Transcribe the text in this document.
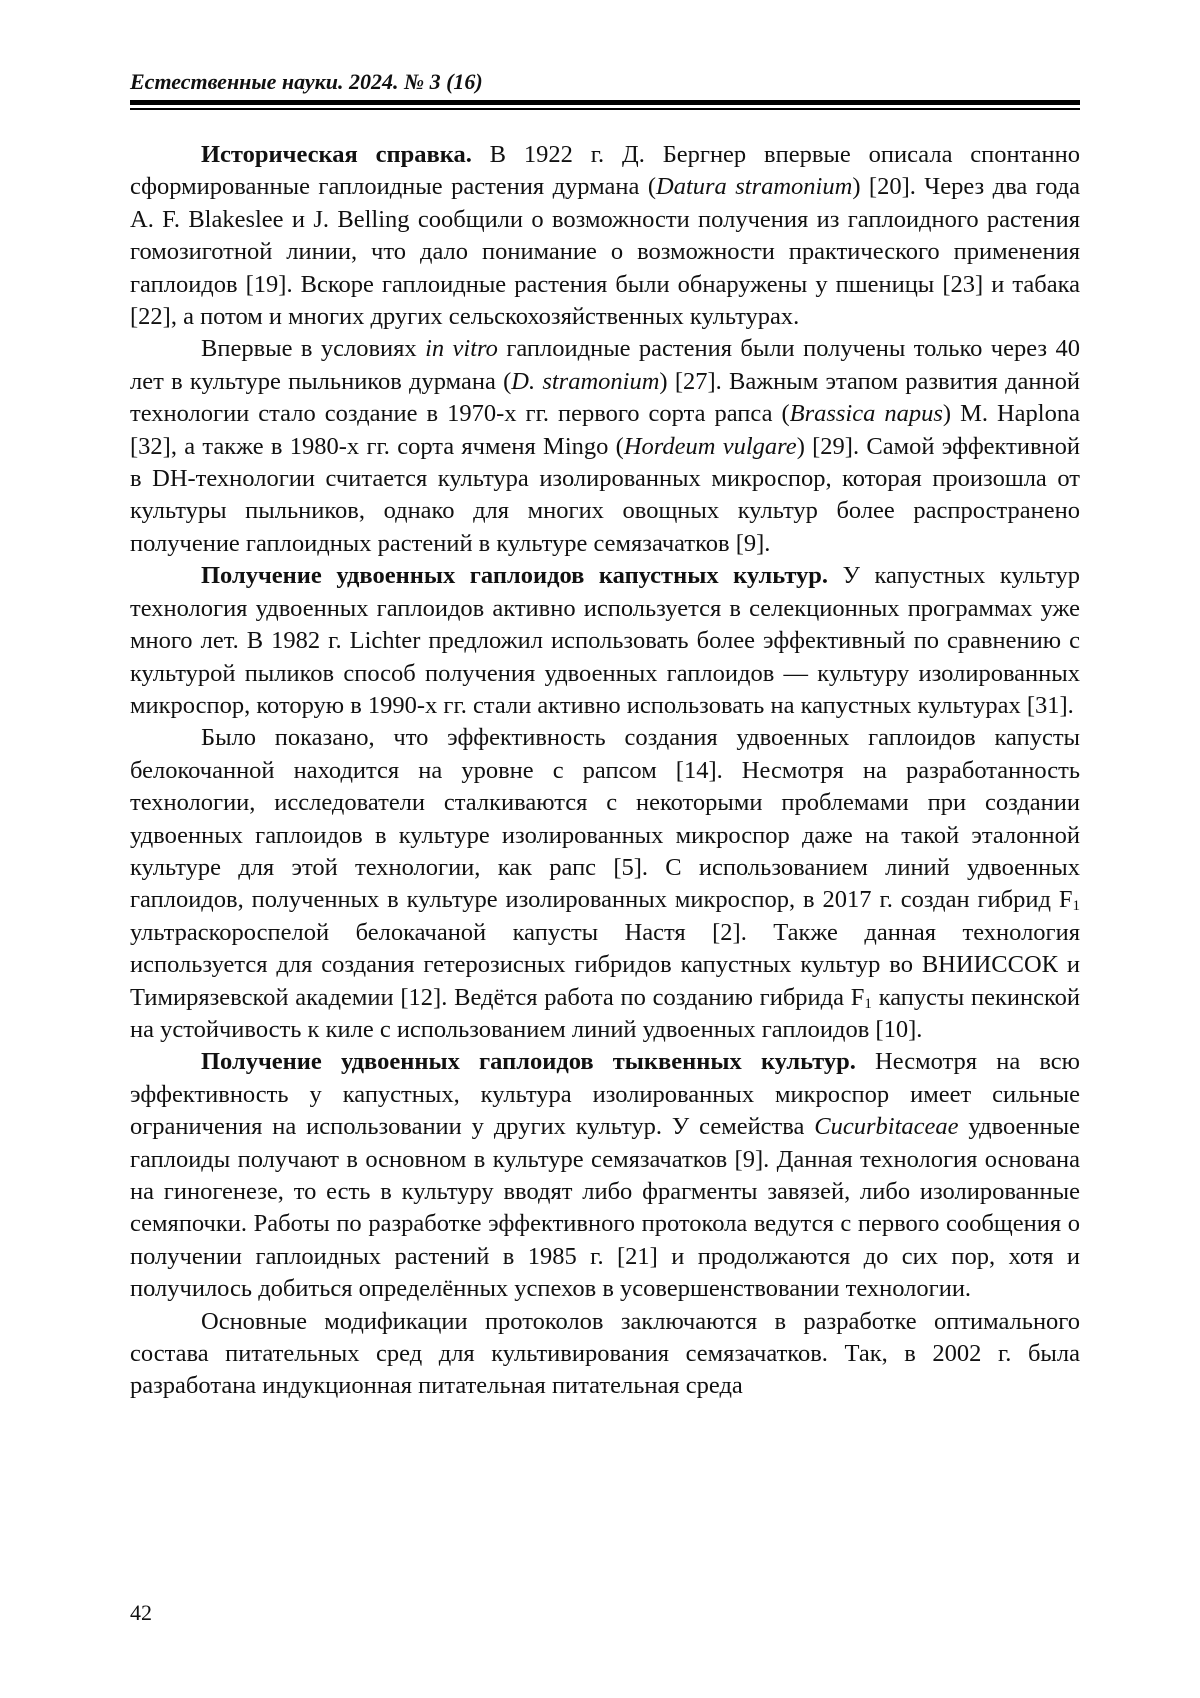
Естественные науки. 2024. № 3 (16)

Историческая справка. В 1922 г. Д. Бергнер впервые описала спонтанно сформированные гаплоидные растения дурмана (Datura stramonium) [20]. Через два года A. F. Blakeslee и J. Belling сообщили о возможности получения из гаплоидного растения гомозиготной линии, что дало понимание о возможности практического применения гаплоидов [19]. Вскоре гаплоидные растения были обнаружены у пшеницы [23] и табака [22], а потом и многих других сельскохозяйственных культурах.

Впервые в условиях in vitro гаплоидные растения были получены только через 40 лет в культуре пыльников дурмана (D. stramonium) [27]. Важным этапом развития данной технологии стало создание в 1970-х гг. первого сорта рапса (Brassica napus) M. Haplona [32], а также в 1980-х гг. сорта ячменя Mingo (Hordeum vulgare) [29]. Самой эффективной в DH-технологии считается культура изолированных микроспор, которая произошла от культуры пыльников, однако для многих овощных культур более распространено получение гаплоидных растений в культуре семязачатков [9].

Получение удвоенных гаплоидов капустных культур. У капустных культур технология удвоенных гаплоидов активно используется в селекционных программах уже много лет. В 1982 г. Lichter предложил использовать более эффективный по сравнению с культурой пыликов способ получения удвоенных гаплоидов — культуру изолированных микроспор, которую в 1990-х гг. стали активно использовать на капустных культурах [31].

Было показано, что эффективность создания удвоенных гаплоидов капусты белокочанной находится на уровне с рапсом [14]. Несмотря на разработанность технологии, исследователи сталкиваются с некоторыми проблемами при создании удвоенных гаплоидов в культуре изолированных микроспор даже на такой эталонной культуре для этой технологии, как рапс [5]. С использованием линий удвоенных гаплоидов, полученных в культуре изолированных микроспор, в 2017 г. создан гибрид $F_1$ ультраскороспелой белокачаной капусты Настя [2]. Также данная технология используется для создания гетерозисных гибридов капустных культур во ВНИИССОК и Тимирязевской академии [12]. Ведётся работа по созданию гибрида $F_1$ капусты пекинской на устойчивость к киле с использованием линий удвоенных гаплоидов [10].

Получение удвоенных гаплоидов тыквенных культур. Несмотря на всю эффективность у капустных, культура изолированных микроспор имеет сильные ограничения на использовании у других культур. У семейства Cucurbitaceae удвоенные гаплоиды получают в основном в культуре семязачатков [9]. Данная технология основана на гиногенезе, то есть в культуру вводят либо фрагменты завязей, либо изолированные семяпочки. Работы по разработке эффективного протокола ведутся с первого сообщения о получении гаплоидных растений в 1985 г. [21] и продолжаются до сих пор, хотя и получилось добиться определённых успехов в усовершенствовании технологии.

Основные модификации протоколов заключаются в разработке оптимального состава питательных сред для культивирования семязачатков. Так, в 2002 г. была разработана индукционная питательная питательная среда

42
